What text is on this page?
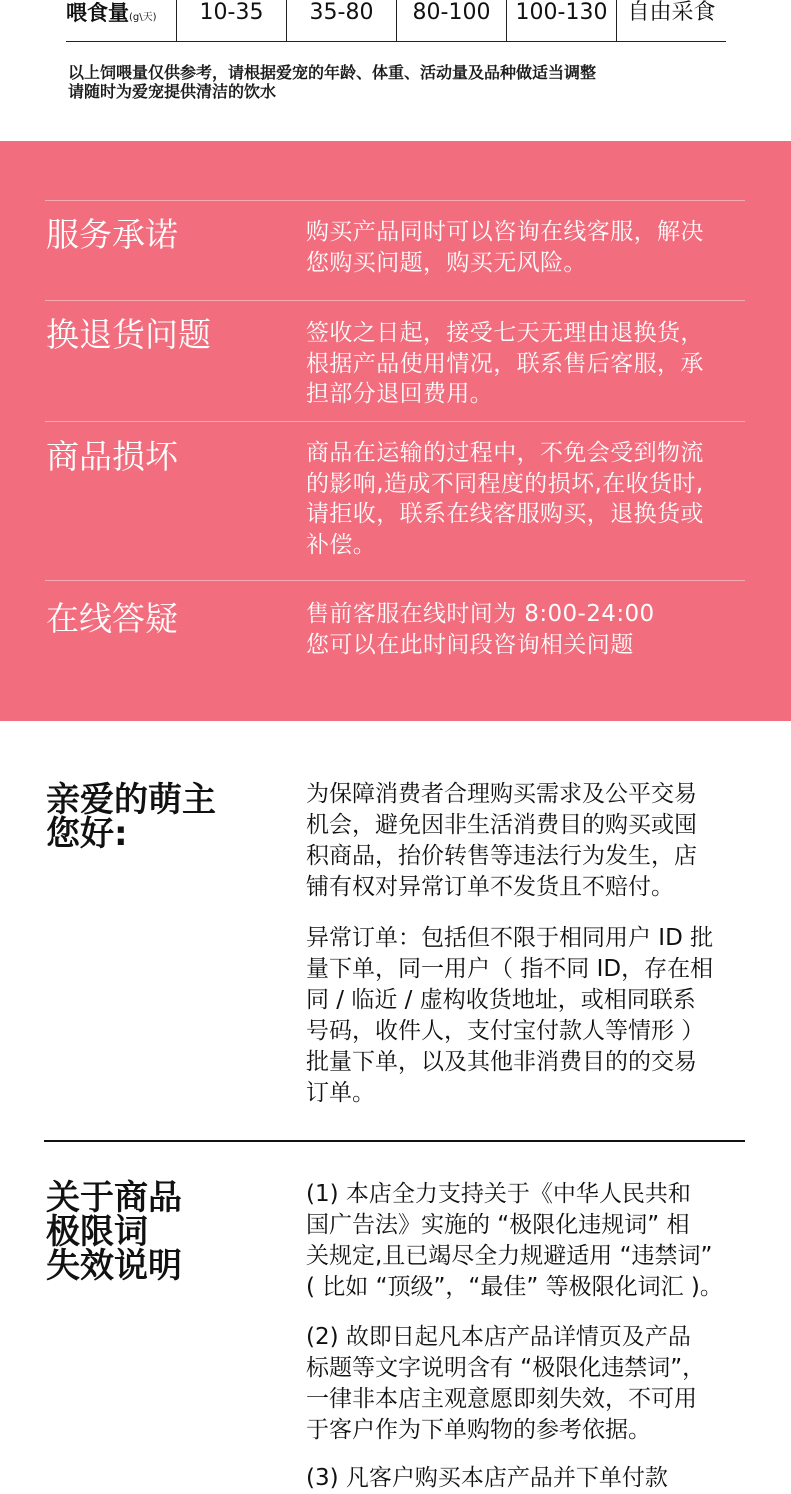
喂食量(g\天)	10-35	35-80	80-100	100-130 自由采食
以上饲喂量仅供参考，请根据爱宠的年龄、体重、活动量及品种做适当调整
请随时为爱宠提供清洁的饮水
服务承诺	购买产品同时可以咨询在线客服，解决
您购买问题，购买无风险。
换退货问题	签收之日起，接受七天无理由退换货，
根据产品使用情况，联系售后客服，承
担部分退回费用。
商品损坏	商品在运输的过程中，不免会受到物流
的影响,造成不同程度的损坏,在收货时,
请拒收，联系在线客服购买，退换货或
补偿。
在线答疑	售前客服在线时间为 8:00-24:00
您可以在此时间段咨询相关问题
亲爱的萌主
您好:
为保障消费者合理购买需求及公平交易
机会，避免因非生活消费目的购买或囤
积商品，抬价转售等违法行为发生，店
铺有权对异常订单不发货且不赔付。
异常订单：包括但不限于相同用户 ID 批
量下单，同一用户（ 指不同 ID，存在相
同 / 临近 / 虚构收货地址，或相同联系
号码，收件人，支付宝付款人等情形 ）
批量下单，以及其他非消费目的的交易
订单。
关于商品
极限词
失效说明
(1) 本店全力支持关于《中华人民共和
国广告法》实施的 “极限化违规词” 相
关规定,且已竭尽全力规避适用 “违禁词”
( 比如 “顶级”，“最佳” 等极限化词汇 )。
(2) 故即日起凡本店产品详情页及产品
标题等文字说明含有 “极限化违禁词”，
一律非本店主观意愿即刻失效，不可用
于客户作为下单购物的参考依据。
(3) 凡客户购买本店产品并下单付款
